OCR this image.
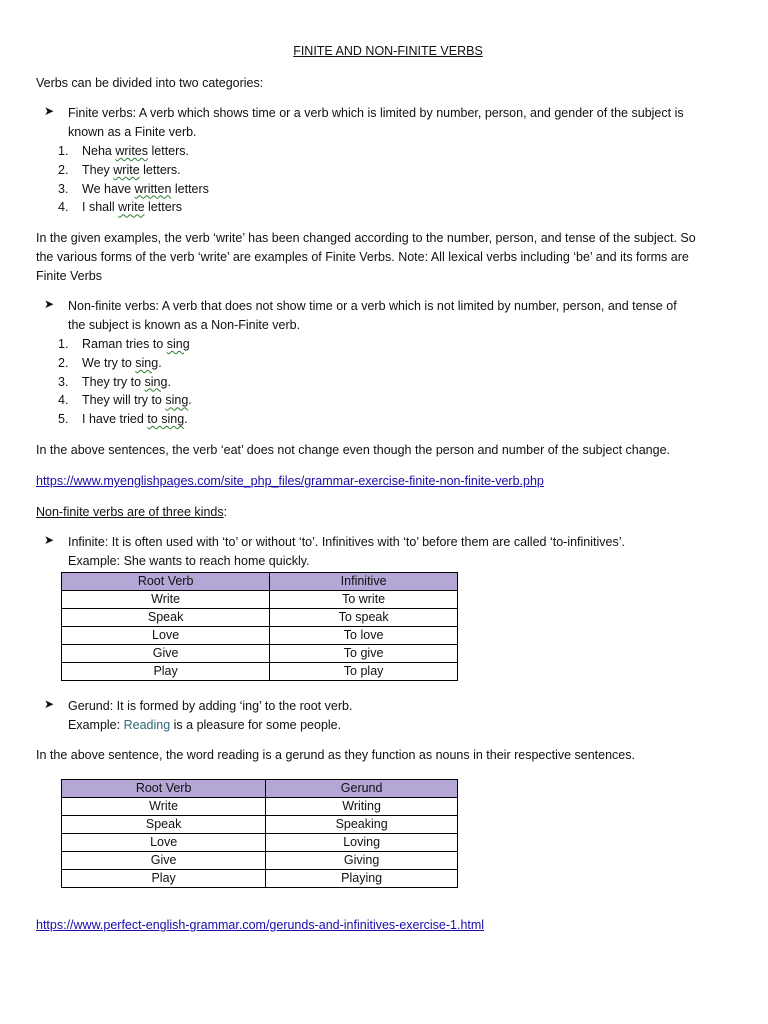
FINITE AND NON-FINITE VERBS

Verbs can be divided into two categories:

➤ Finite verbs: A verb which shows time or a verb which is limited by number, person, and gender of the subject is
known as a Finite verb.
1. Neha writes letters.
2. They write letters.
3. We have written letters
4. I shall write letters

In the given examples, the verb ‘write’ has been changed according to the number, person, and tense of the subject. So
the various forms of the verb ‘write’ are examples of Finite Verbs. Note: All lexical verbs including ‘be’ and its forms are
Finite Verbs

➤ Non-finite verbs: A verb that does not show time or a verb which is not limited by number, person, and tense of
the subject is known as a Non-Finite verb.
1. Raman tries to sing
2. We try to sing.
3. They try to sing.
4. They will try to sing.
5. I have tried to sing.

In the above sentences, the verb ‘eat’ does not change even though the person and number of the subject change.

https://www.myenglishpages.com/site_php_files/grammar-exercise-finite-non-finite-verb.php

Non-finite verbs are of three kinds:

➤ Infinite: It is often used with ‘to’ or without ‘to’. Infinitives with ‘to’ before them are called ‘to-infinitives’.
Example: She wants to reach home quickly.
Root Verb	Infinitive
Write	To write
Speak	To speak
Love	To love
Give	To give
Play	To play
➤ Gerund: It is formed by adding ‘ing’ to the root verb.
Example: Reading is a pleasure for some people.

In the above sentence, the word reading is a gerund as they function as nouns in their respective sentences.

Root Verb	Gerund
Write	Writing
Speak	Speaking
Love	Loving
Give	Giving
Play	Playing

https://www.perfect-english-grammar.com/gerunds-and-infinitives-exercise-1.html
